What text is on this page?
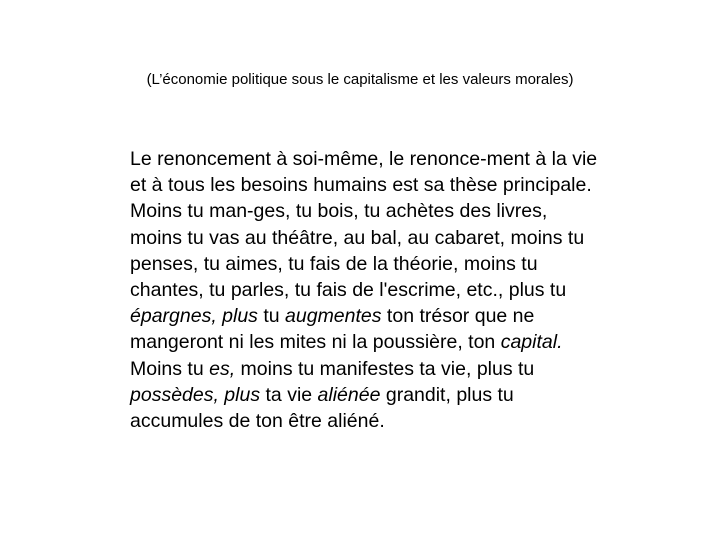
(L’économie politique sous le capitalisme et les valeurs morales)

Le renoncement à soi-même, le renonce-ment à la vie et à tous les besoins humains est sa thèse principale. Moins tu man-ges, tu bois, tu achètes des livres, moins tu vas au théâtre, au bal, au cabaret, moins tu penses, tu aimes, tu fais de la théorie, moins tu chantes, tu parles, tu fais de l'escrime, etc., plus tu épargnes, plus tu augmentes ton trésor que ne mangeront ni les mites ni la poussière, ton capital. Moins tu es, moins tu manifestes ta vie, plus tu possèdes, plus ta vie aliénée grandit, plus tu accumules de ton être aliéné.
